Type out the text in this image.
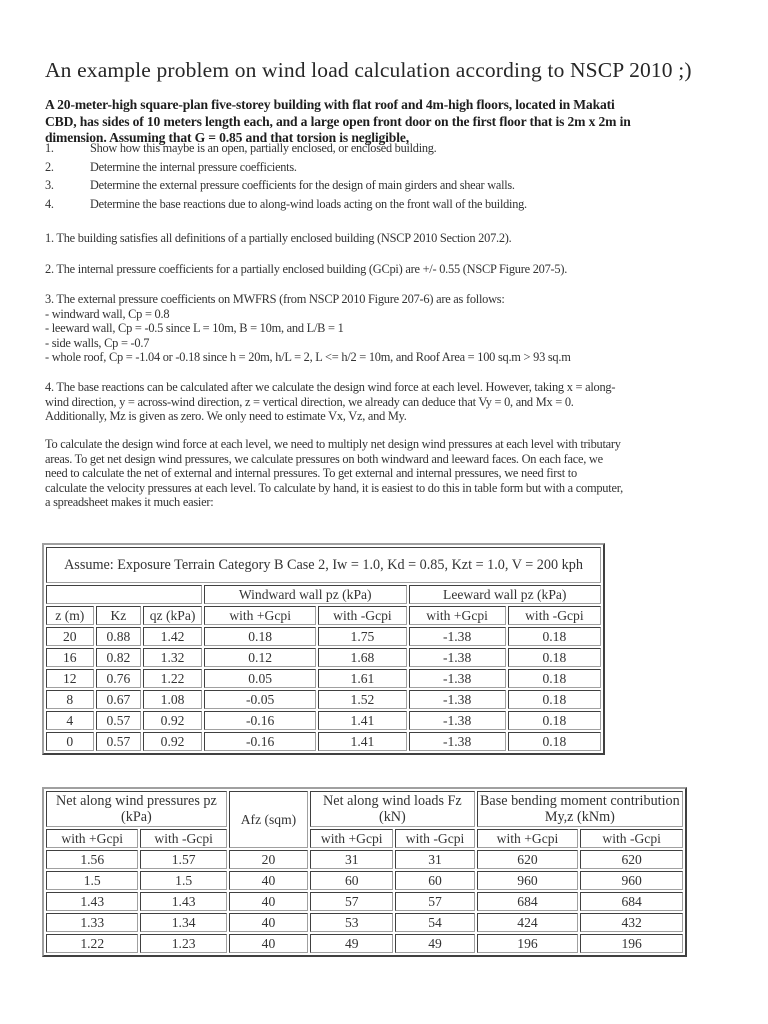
An example problem on wind load calculation according to NSCP 2010 ;)
A 20-meter-high square-plan five-storey building with flat roof and 4m-high floors, located in Makati
CBD, has sides of 10 meters length each, and a large open front door on the first floor that is 2m x 2m in
dimension. Assuming that G = 0.85 and that torsion is negligible,
1.	Show how this maybe is an open, partially enclosed, or enclosed building.
2.	Determine the internal pressure coefficients.
3.	Determine the external pressure coefficients for the design of main girders and shear walls.
4.	Determine the base reactions due to along-wind loads acting on the front wall of the building.
1. The building satisfies all definitions of a partially enclosed building (NSCP 2010 Section 207.2).
2. The internal pressure coefficients for a partially enclosed building (GCpi) are +/- 0.55 (NSCP Figure 207-5).
3. The external pressure coefficients on MWFRS (from NSCP 2010 Figure 207-6) are as follows:
- windward wall, Cp = 0.8
- leeward wall, Cp = -0.5 since L = 10m, B = 10m, and L/B = 1
- side walls, Cp = -0.7
- whole roof, Cp = -1.04 or -0.18 since h = 20m, h/L = 2, L <= h/2 = 10m, and Roof Area = 100 sq.m > 93 sq.m
4. The base reactions can be calculated after we calculate the design wind force at each level. However, taking x = along-
wind direction, y = across-wind direction, z = vertical direction, we already can deduce that Vy = 0, and Mx = 0.
Additionally, Mz is given as zero. We only need to estimate Vx, Vz, and My.
To calculate the design wind force at each level, we need to multiply net design wind pressures at each level with tributary
areas. To get net design wind pressures, we calculate pressures on both windward and leeward faces. On each face, we
need to calculate the net of external and internal pressures. To get external and internal pressures, we need first to
calculate the velocity pressures at each level. To calculate by hand, it is easiest to do this in table form but with a computer,
a spreadsheet makes it much easier:
Assume: Exposure Terrain Category B Case 2, Iw = 1.0, Kd = 0.85, Kzt = 1.0, V = 200 kph						
			Windward wall pz (kPa)		Leeward wall pz (kPa)	
z (m)	Kz	qz (kPa)	with +Gcpi	with -Gcpi	with +Gcpi	with -Gcpi
20	0.88	1.42	0.18	1.75	-1.38	0.18
16	0.82	1.32	0.12	1.68	-1.38	0.18
12	0.76	1.22	0.05	1.61	-1.38	0.18
8	0.67	1.08	-0.05	1.52	-1.38	0.18
4	0.57	0.92	-0.16	1.41	-1.38	0.18
0	0.57	0.92	-0.16	1.41	-1.38	0.18
Net along wind pressures pz (kPa)		Afz (sqm)	Net along wind loads Fz (kN)		Base bending moment contribution My,z (kNm)	
with +Gcpi	with -Gcpi		with +Gcpi	with -Gcpi	with +Gcpi	with -Gcpi
1.56	1.57	20	31	31	620	620
1.5	1.5	40	60	60	960	960
1.43	1.43	40	57	57	684	684
1.33	1.34	40	53	54	424	432
1.22	1.23	40	49	49	196	196
